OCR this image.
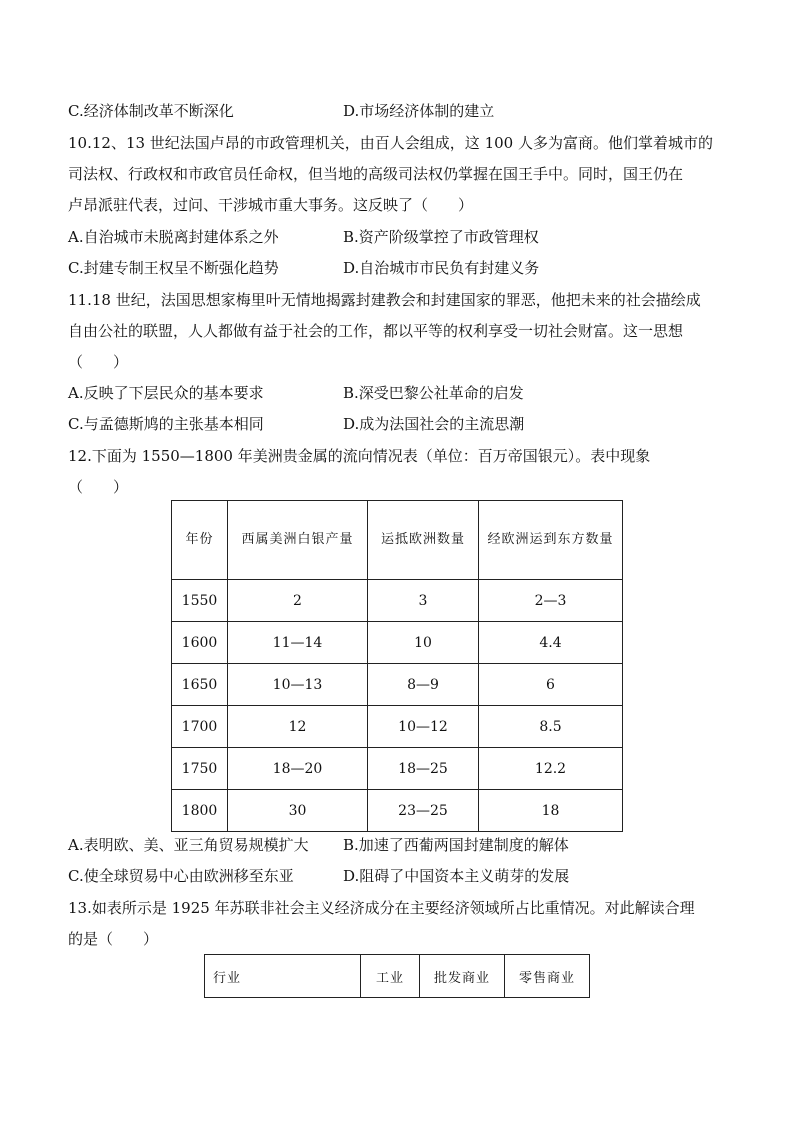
C.经济体制改革不断深化	D.市场经济体制的建立
10.12、13 世纪法国卢昂的市政管理机关，由百人会组成，这 100 人多为富商。他们掌着城市的
司法权、行政权和市政官员任命权，但当地的高级司法权仍掌握在国王手中。同时，国王仍在
卢昂派驻代表，过问、干涉城市重大事务。这反映了（　　）
A.自治城市未脱离封建体系之外	B.资产阶级掌控了市政管理权
C.封建专制王权呈不断强化趋势	D.自治城市市民负有封建义务
11.18 世纪，法国思想家梅里叶无情地揭露封建教会和封建国家的罪恶，他把未来的社会描绘成
自由公社的联盟，人人都做有益于社会的工作，都以平等的权利享受一切社会财富。这一思想
（　　）
A.反映了下层民众的基本要求	B.深受巴黎公社革命的启发
C.与孟德斯鸠的主张基本相同	D.成为法国社会的主流思潮
12.下面为 1550—1800 年美洲贵金属的流向情况表（单位：百万帝国银元）。表中现象
（　　）
年份	西属美洲白银产量	运抵欧洲数量	经欧洲运到东方数量
1550	2	3	2—3
1600	11—14	10	4.4
1650	10—13	8—9	6
1700	12	10—12	8.5
1750	18—20	18—25	12.2
1800	30	23—25	18
A.表明欧、美、亚三角贸易规模扩大 B.加速了西葡两国封建制度的解体
C.使全球贸易中心由欧洲移至东亚	D.阻碍了中国资本主义萌芽的发展
13.如表所示是 1925 年苏联非社会主义经济成分在主要经济领域所占比重情况。对此解读合理
的是（　　）
行业	工业	批发商业	零售商业
